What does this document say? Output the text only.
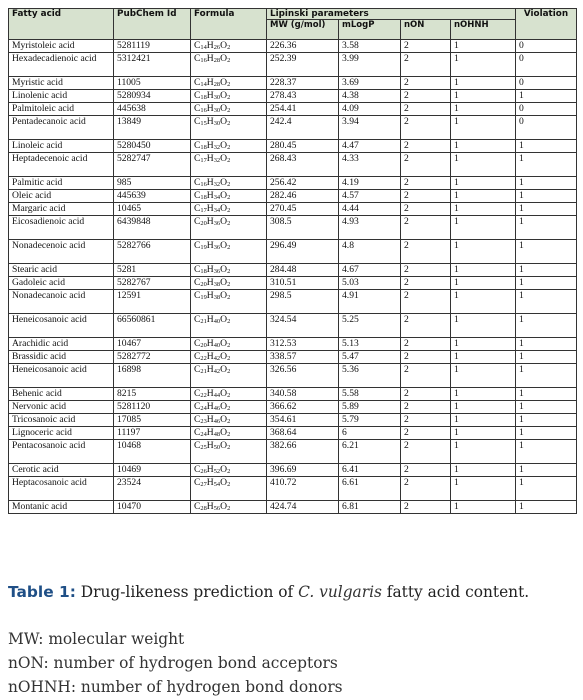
Fatty acid	PubChem Id	Formula	Lipinski parameters				Violation
			MW (g/mol)	mLogP	nON	nOHNH	
Myristoleic acid	5281119	$C_{14}H_{26}O_2$	226.36	3.58	2	1	0
Hexadecadienoic acid	5312421	$C_{16}H_{28}O_2$	252.39	3.99	2	1	0
Myristic acid	11005	$C_{14}H_{28}O_2$	228.37	3.69	2	1	0
Linolenic acid	5280934	$C_{18}H_{30}O_2$	278.43	4.38	2	1	1
Palmitoleic acid	445638	$C_{16}H_{30}O_2$	254.41	4.09	2	1	0
Pentadecanoic acid	13849	$C_{15}H_{30}O_2$	242.4	3.94	2	1	0
Linoleic acid	5280450	$C_{18}H_{32}O_2$	280.45	4.47	2	1	1
Heptadecenoic acid	5282747	$C_{17}H_{32}O_2$	268.43	4.33	2	1	1
Palmitic acid	985	$C_{16}H_{32}O_2$	256.42	4.19	2	1	1
Oleic acid	445639	$C_{18}H_{34}O_2$	282.46	4.57	2	1	1
Margaric acid	10465	$C_{17}H_{34}O_2$	270.45	4.44	2	1	1
Eicosadienoic acid	6439848	$C_{20}H_{36}O_2$	308.5	4.93	2	1	1
Nonadecenoic acid	5282766	$C_{19}H_{36}O_2$	296.49	4.8	2	1	1
Stearic acid	5281	$C_{18}H_{36}O_2$	284.48	4.67	2	1	1
Gadoleic acid	5282767	$C_{20}H_{38}O_2$	310.51	5.03	2	1	1
Nonadecanoic acid	12591	$C_{19}H_{38}O_2$	298.5	4.91	2	1	1
Heneicosanoic acid	66560861	$C_{21}H_{40}O_2$	324.54	5.25	2	1	1
Arachidic acid	10467	$C_{20}H_{40}O_2$	312.53	5.13	2	1	1
Brassidic acid	5282772	$C_{22}H_{42}O_2$	338.57	5.47	2	1	1
Heneicosanoic acid	16898	$C_{21}H_{42}O_2$	326.56	5.36	2	1	1
Behenic acid	8215	$C_{22}H_{44}O_2$	340.58	5.58	2	1	1
Nervonic acid	5281120	$C_{24}H_{46}O_2$	366.62	5.89	2	1	1
Tricosanoic acid	17085	$C_{23}H_{46}O_2$	354.61	5.79	2	1	1
Lignoceric acid	11197	$C_{24}H_{48}O_2$	368.64	6	2	1	1
Pentacosanoic acid	10468	$C_{25}H_{50}O_2$	382.66	6.21	2	1	1
Cerotic acid	10469	$C_{26}H_{52}O_2$	396.69	6.41	2	1	1
Heptacosanoic acid	23524	$C_{27}H_{54}O_2$	410.72	6.61	2	1	1
Montanic acid	10470	$C_{28}H_{56}O_2$	424.74	6.81	2	1	1
Table 1: Drug-likeness prediction of C. vulgaris fatty acid content.
MW: molecular weight
nON: number of hydrogen bond acceptors
nOHNH: number of hydrogen bond donors
